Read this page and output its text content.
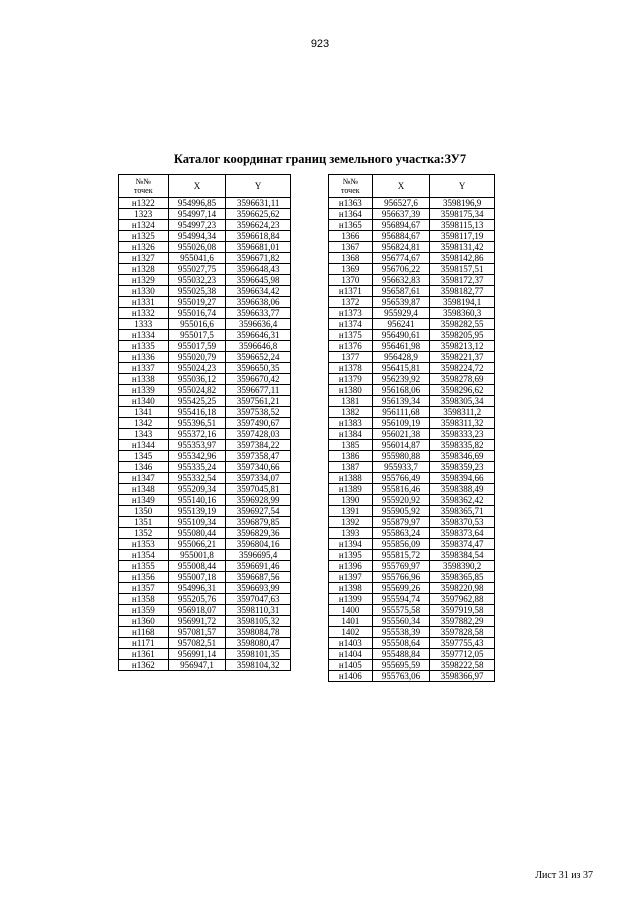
923
Каталог координат границ земельного участка:ЗУ7
№№
точек	X	Y
н1322	954996,85	3596631,11
1323	954997,14	3596625,62
н1324	954997,23	3596624,23
н1325	954994,34	3596618,84
н1326	955026,08	3596681,01
н1327	955041,6	3596671,82
н1328	955027,75	3596648,43
н1329	955032,23	3596645,98
н1330	955025,38	3596634,42
н1331	955019,27	3596638,06
н1332	955016,74	3596633,77
1333	955016,6	3596636,4
н1334	955017,5	3596646,31
н1335	955017,59	3596646,8
н1336	955020,79	3596652,24
н1337	955024,23	3596650,35
н1338	955036,12	3596670,42
н1339	955024,82	3596677,11
н1340	955425,25	3597561,21
1341	955416,18	3597538,52
1342	955396,51	3597490,67
1343	955372,16	3597428,03
н1344	955353,97	3597384,22
1345	955342,96	3597358,47
1346	955335,24	3597340,66
н1347	955332,54	3597334,07
н1348	955209,34	3597045,81
н1349	955140,16	3596928,99
1350	955139,19	3596927,54
1351	955109,34	3596879,85
1352	955080,44	3596829,36
н1353	955066,21	3596804,16
н1354	955001,8	3596695,4
н1355	955008,44	3596691,46
н1356	955007,18	3596687,56
н1357	954996,31	3596693,99
н1358	955205,76	3597047,63
н1359	956918,07	3598110,31
н1360	956991,72	3598105,32
н1168	957081,57	3598084,78
н1171	957082,51	3598080,47
н1361	956991,14	3598101,35
н1362	956947,1	3598104,32
№№
точек	X	Y
н1363	956527,6	3598196,9
н1364	956637,39	3598175,34
н1365	956894,67	3598115,13
1366	956884,67	3598117,19
1367	956824,81	3598131,42
1368	956774,67	3598142,86
1369	956706,22	3598157,51
1370	956632,83	3598172,37
н1371	956587,61	3598182,77
1372	956539,87	3598194,1
н1373	955929,4	3598360,3
н1374	956241	3598282,55
н1375	956490,61	3598205,95
н1376	956461,98	3598213,12
1377	956428,9	3598221,37
н1378	956415,81	3598224,72
н1379	956239,92	3598278,69
н1380	956168,06	3598296,62
1381	956139,34	3598305,34
1382	956111,68	3598311,2
н1383	956109,19	3598311,32
н1384	956021,38	3598333,23
1385	956014,87	3598335,82
1386	955980,88	3598346,69
1387	955933,7	3598359,23
н1388	955766,49	3598394,66
н1389	955816,46	3598388,49
1390	955920,92	3598362,42
1391	955905,92	3598365,71
1392	955879,97	3598370,53
1393	955863,24	3598373,64
н1394	955856,09	3598374,47
н1395	955815,72	3598384,54
н1396	955769,97	3598390,2
н1397	955766,96	3598365,85
н1398	955699,26	3598220,98
н1399	955594,74	3597962,88
1400	955575,58	3597919,58
1401	955560,34	3597882,29
1402	955538,39	3597828,58
н1403	955508,64	3597755,43
н1404	955488,84	3597712,05
н1405	955695,59	3598222,58
н1406	955763,06	3598366,97
Лист 31 из 37
